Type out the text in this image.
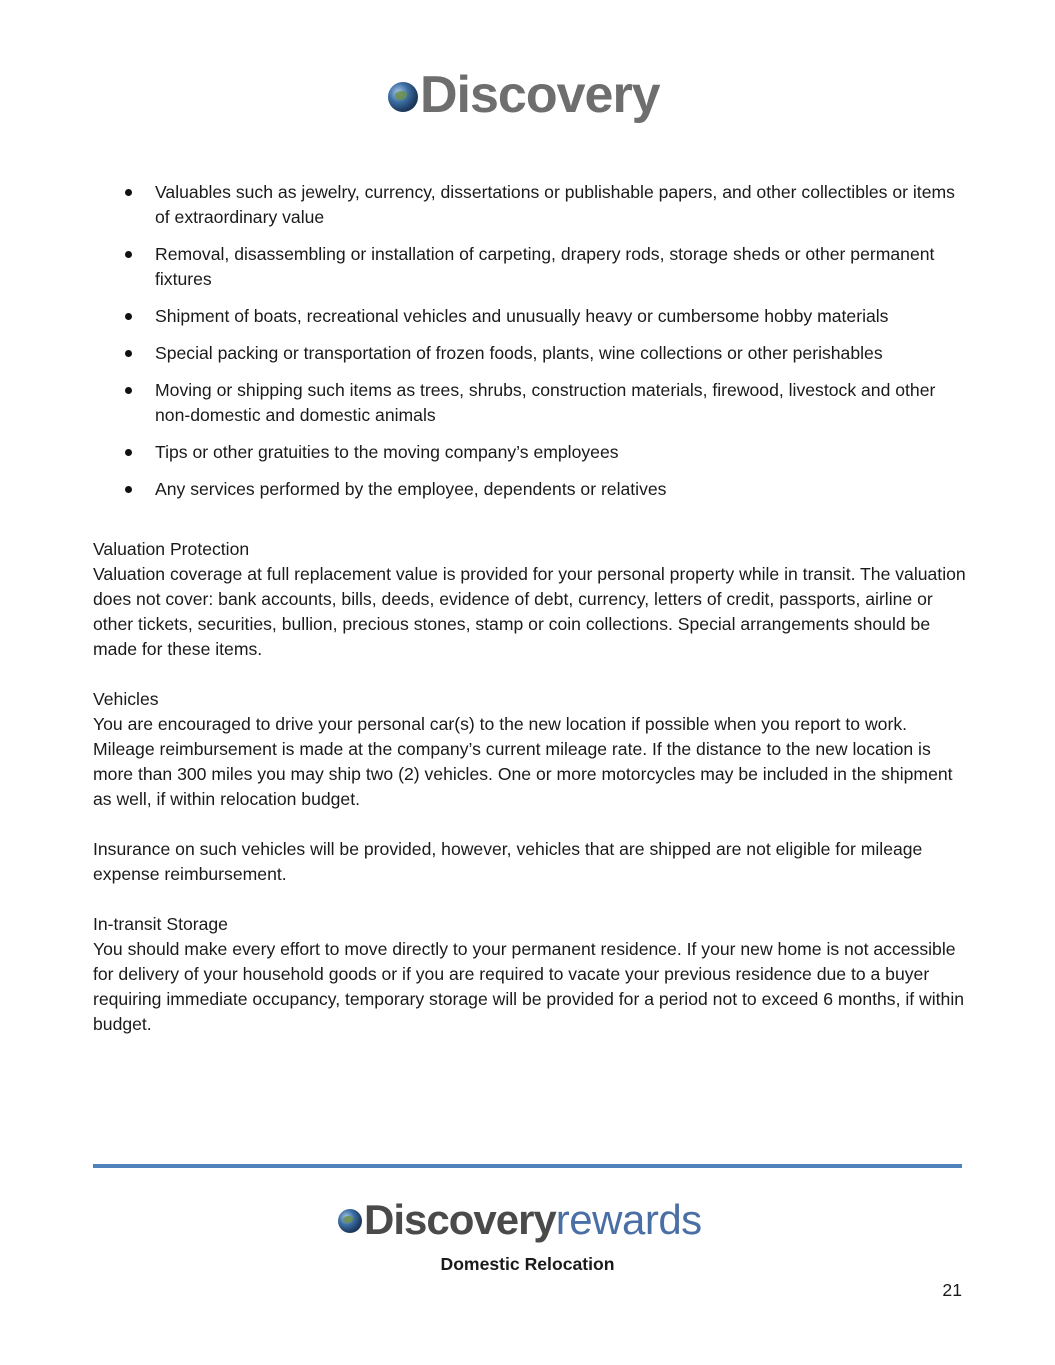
Discovery
Valuables such as jewelry, currency, dissertations or publishable papers, and other collectibles or items of extraordinary value
Removal, disassembling or installation of carpeting, drapery rods, storage sheds or other permanent fixtures
Shipment of boats, recreational vehicles and unusually heavy or cumbersome hobby materials
Special packing or transportation of frozen foods, plants, wine collections or other perishables
Moving or shipping such items as trees, shrubs, construction materials, firewood, livestock and other non-domestic and domestic animals
Tips or other gratuities to the moving company’s employees
Any services performed by the employee, dependents or relatives
Valuation Protection

Valuation coverage at full replacement value is provided for your personal property while in transit. The valuation does not cover: bank accounts, bills, deeds, evidence of debt, currency, letters of credit, passports, airline or other tickets, securities, bullion, precious stones, stamp or coin collections. Special arrangements should be made for these items.

Vehicles

You are encouraged to drive your personal car(s) to the new location if possible when you report to work. Mileage reimbursement is made at the company’s current mileage rate. If the distance to the new location is more than 300 miles you may ship two (2) vehicles. One or more motorcycles may be included in the shipment as well, if within relocation budget.

Insurance on such vehicles will be provided, however, vehicles that are shipped are not eligible for mileage expense reimbursement.

In-transit Storage

You should make every effort to move directly to your permanent residence. If your new home is not accessible for delivery of your household goods or if you are required to vacate your previous residence due to a buyer requiring immediate occupancy, temporary storage will be provided for a period not to exceed 6 months, if within budget.

Discovery rewards
Domestic Relocation
21
